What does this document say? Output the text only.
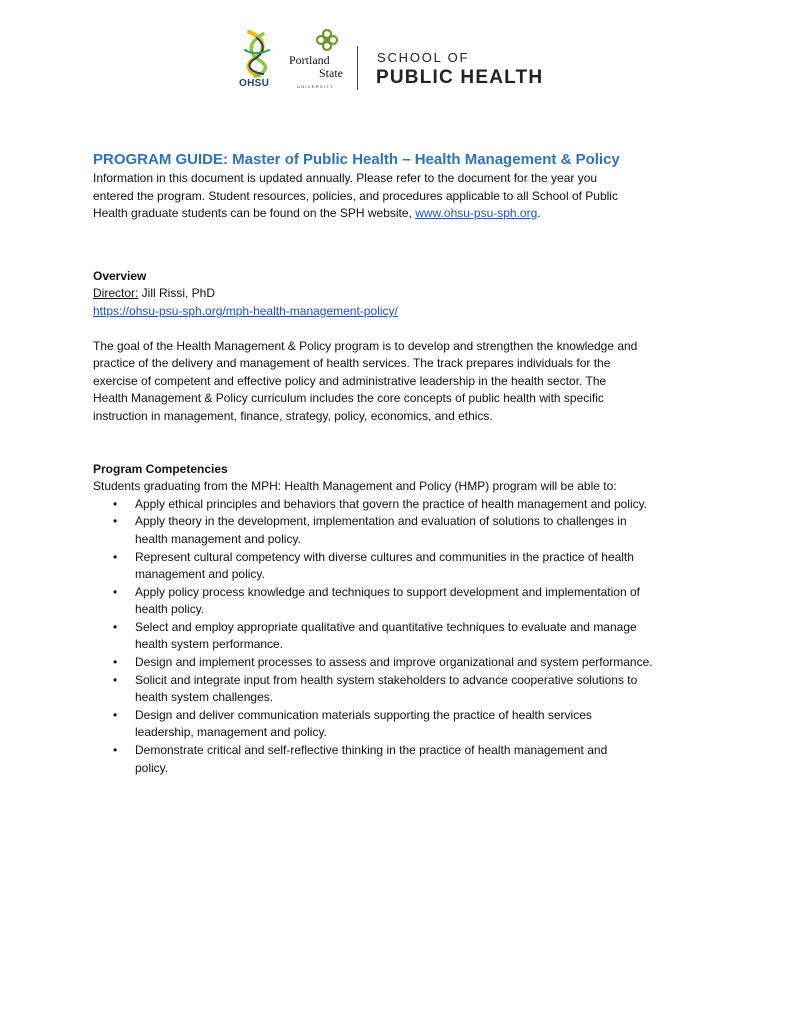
OHSU
Portland
State
UNIVERSITY
SCHOOL OF
PUBLIC HEALTH
PROGRAM GUIDE: Master of Public Health – Health Management & Policy

Information in this document is updated annually. Please refer to the document for the year you

entered the program. Student resources, policies, and procedures applicable to all School of Public

Health graduate students can be found on the SPH website, www.ohsu-psu-sph.org.

Overview

Director: Jill Rissi, PhD

https://ohsu-psu-sph.org/mph-health-management-policy/

The goal of the Health Management & Policy program is to develop and strengthen the knowledge and

practice of the delivery and management of health services. The track prepares individuals for the

exercise of competent and effective policy and administrative leadership in the health sector. The

Health Management & Policy curriculum includes the core concepts of public health with specific

instruction in management, finance, strategy, policy, economics, and ethics.

Program Competencies

Students graduating from the MPH: Health Management and Policy (HMP) program will be able to:

• Apply ethical principles and behaviors that govern the practice of health management and policy.
• Apply theory in the development, implementation and evaluation of solutions to challenges in
health management and policy.
• Represent cultural competency with diverse cultures and communities in the practice of health
management and policy.
• Apply policy process knowledge and techniques to support development and implementation of
health policy.
• Select and employ appropriate qualitative and quantitative techniques to evaluate and manage
health system performance.
• Design and implement processes to assess and improve organizational and system performance.
• Solicit and integrate input from health system stakeholders to advance cooperative solutions to
health system challenges.
• Design and deliver communication materials supporting the practice of health services
leadership, management and policy.
• Demonstrate critical and self-reflective thinking in the practice of health management and
policy.
